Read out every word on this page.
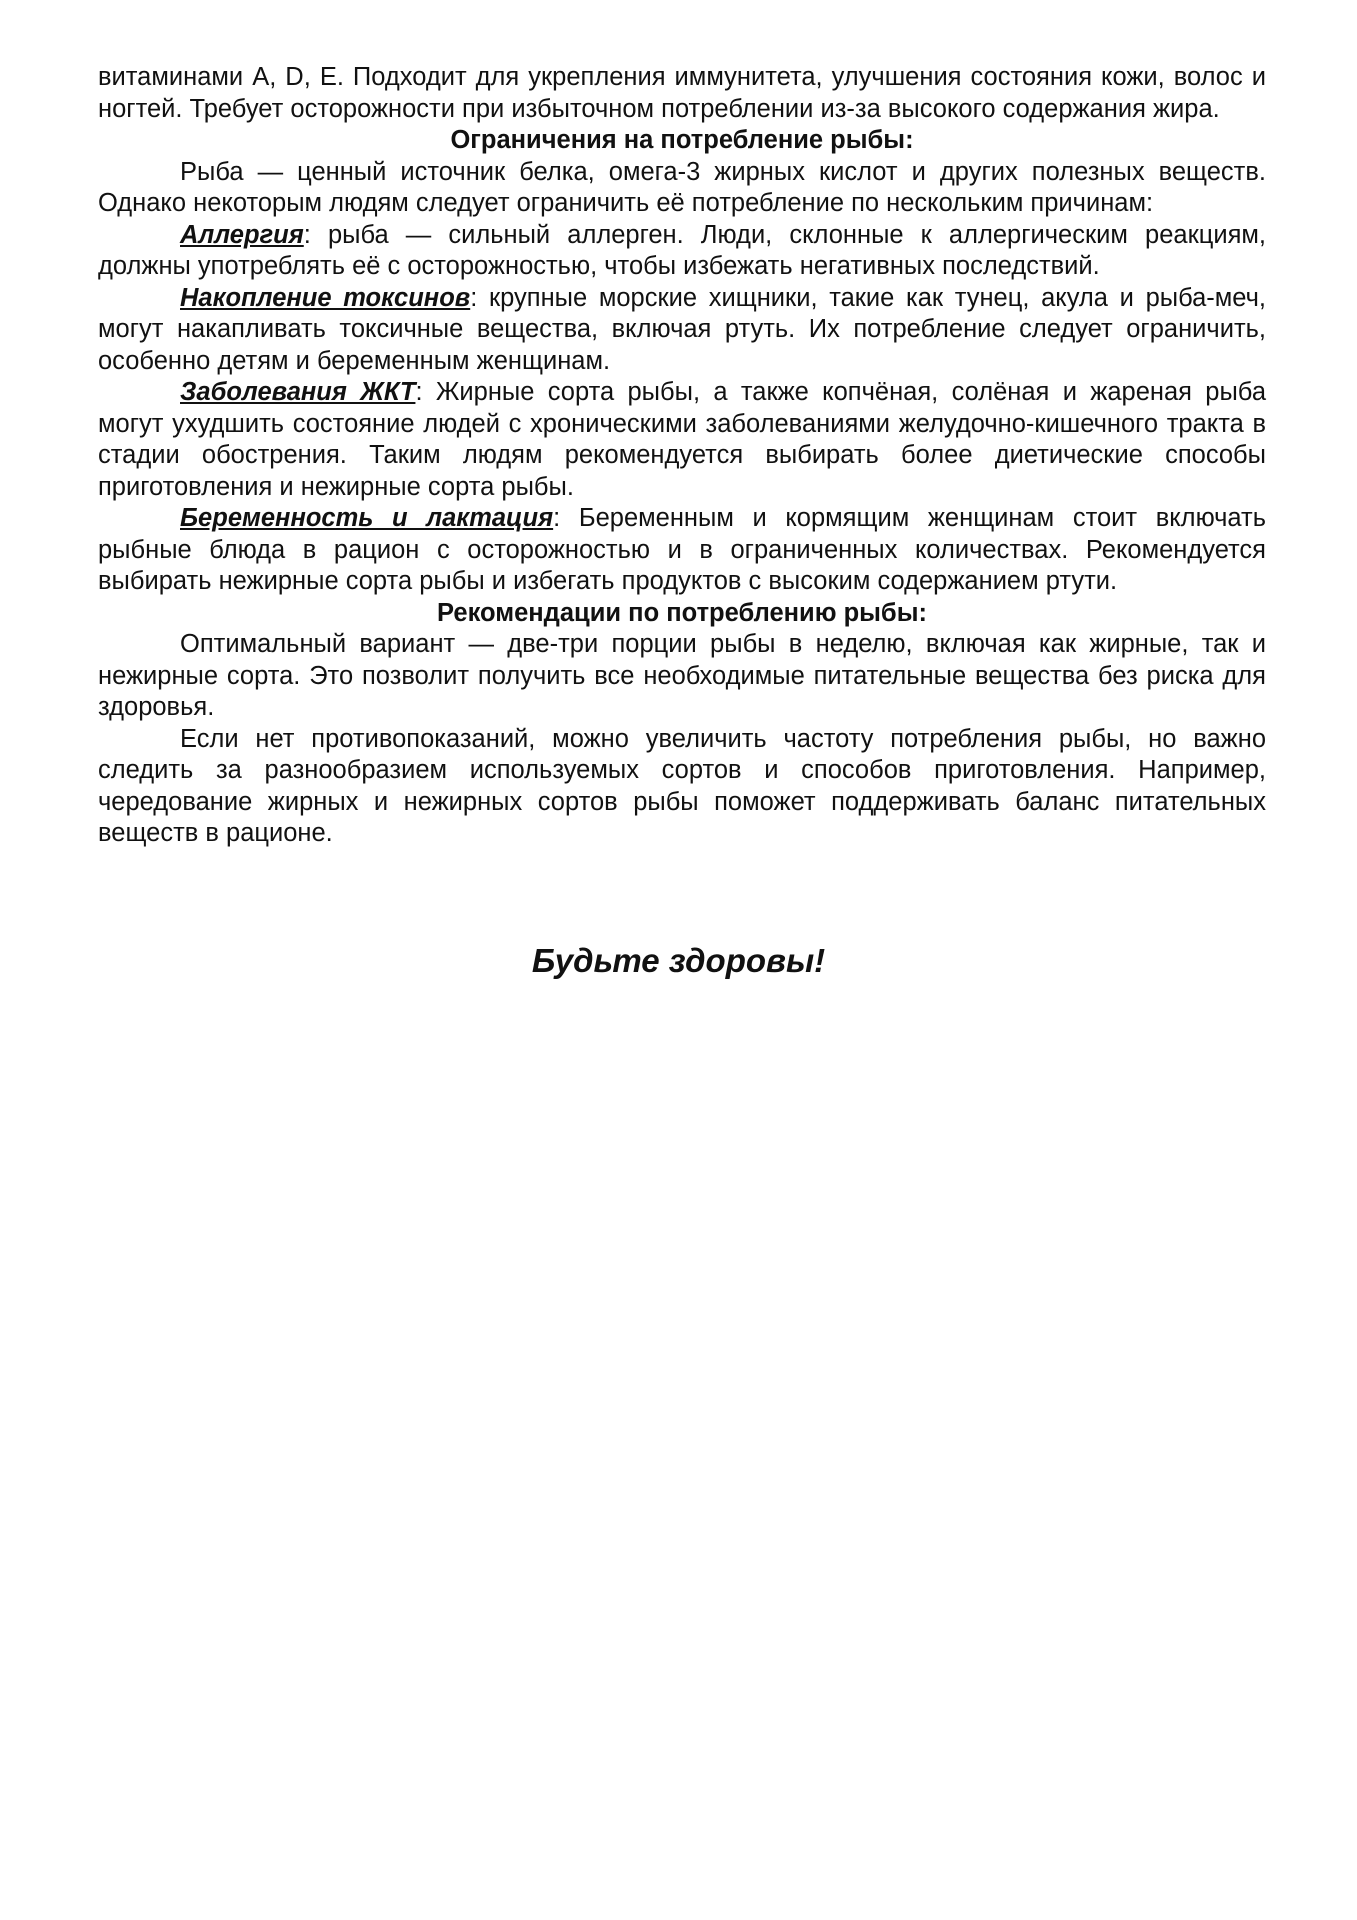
витаминами A, D, E. Подходит для укрепления иммунитета, улучшения состояния кожи, волос и ногтей. Требует осторожности при избыточном потреблении из-за высокого содержания жира.

Ограничения на потребление рыбы:

Рыба — ценный источник белка, омега-3 жирных кислот и других полезных веществ. Однако некоторым людям следует ограничить её потребление по нескольким причинам:

Аллергия: рыба — сильный аллерген. Люди, склонные к аллергическим реакциям, должны употреблять её с осторожностью, чтобы избежать негативных последствий.

Накопление токсинов: крупные морские хищники, такие как тунец, акула и рыба-меч, могут накапливать токсичные вещества, включая ртуть. Их потребление следует ограничить, особенно детям и беременным женщинам.

Заболевания ЖКТ: Жирные сорта рыбы, а также копчёная, солёная и жареная рыба могут ухудшить состояние людей с хроническими заболеваниями желудочно-кишечного тракта в стадии обострения. Таким людям рекомендуется выбирать более диетические способы приготовления и нежирные сорта рыбы.

Беременность и лактация: Беременным и кормящим женщинам стоит включать рыбные блюда в рацион с осторожностью и в ограниченных количествах. Рекомендуется выбирать нежирные сорта рыбы и избегать продуктов с высоким содержанием ртути.

Рекомендации по потреблению рыбы:

Оптимальный вариант — две-три порции рыбы в неделю, включая как жирные, так и нежирные сорта. Это позволит получить все необходимые питательные вещества без риска для здоровья.

Если нет противопоказаний, можно увеличить частоту потребления рыбы, но важно следить за разнообразием используемых сортов и способов приготовления. Например, чередование жирных и нежирных сортов рыбы поможет поддерживать баланс питательных веществ в рационе.

Будьте здоровы!
